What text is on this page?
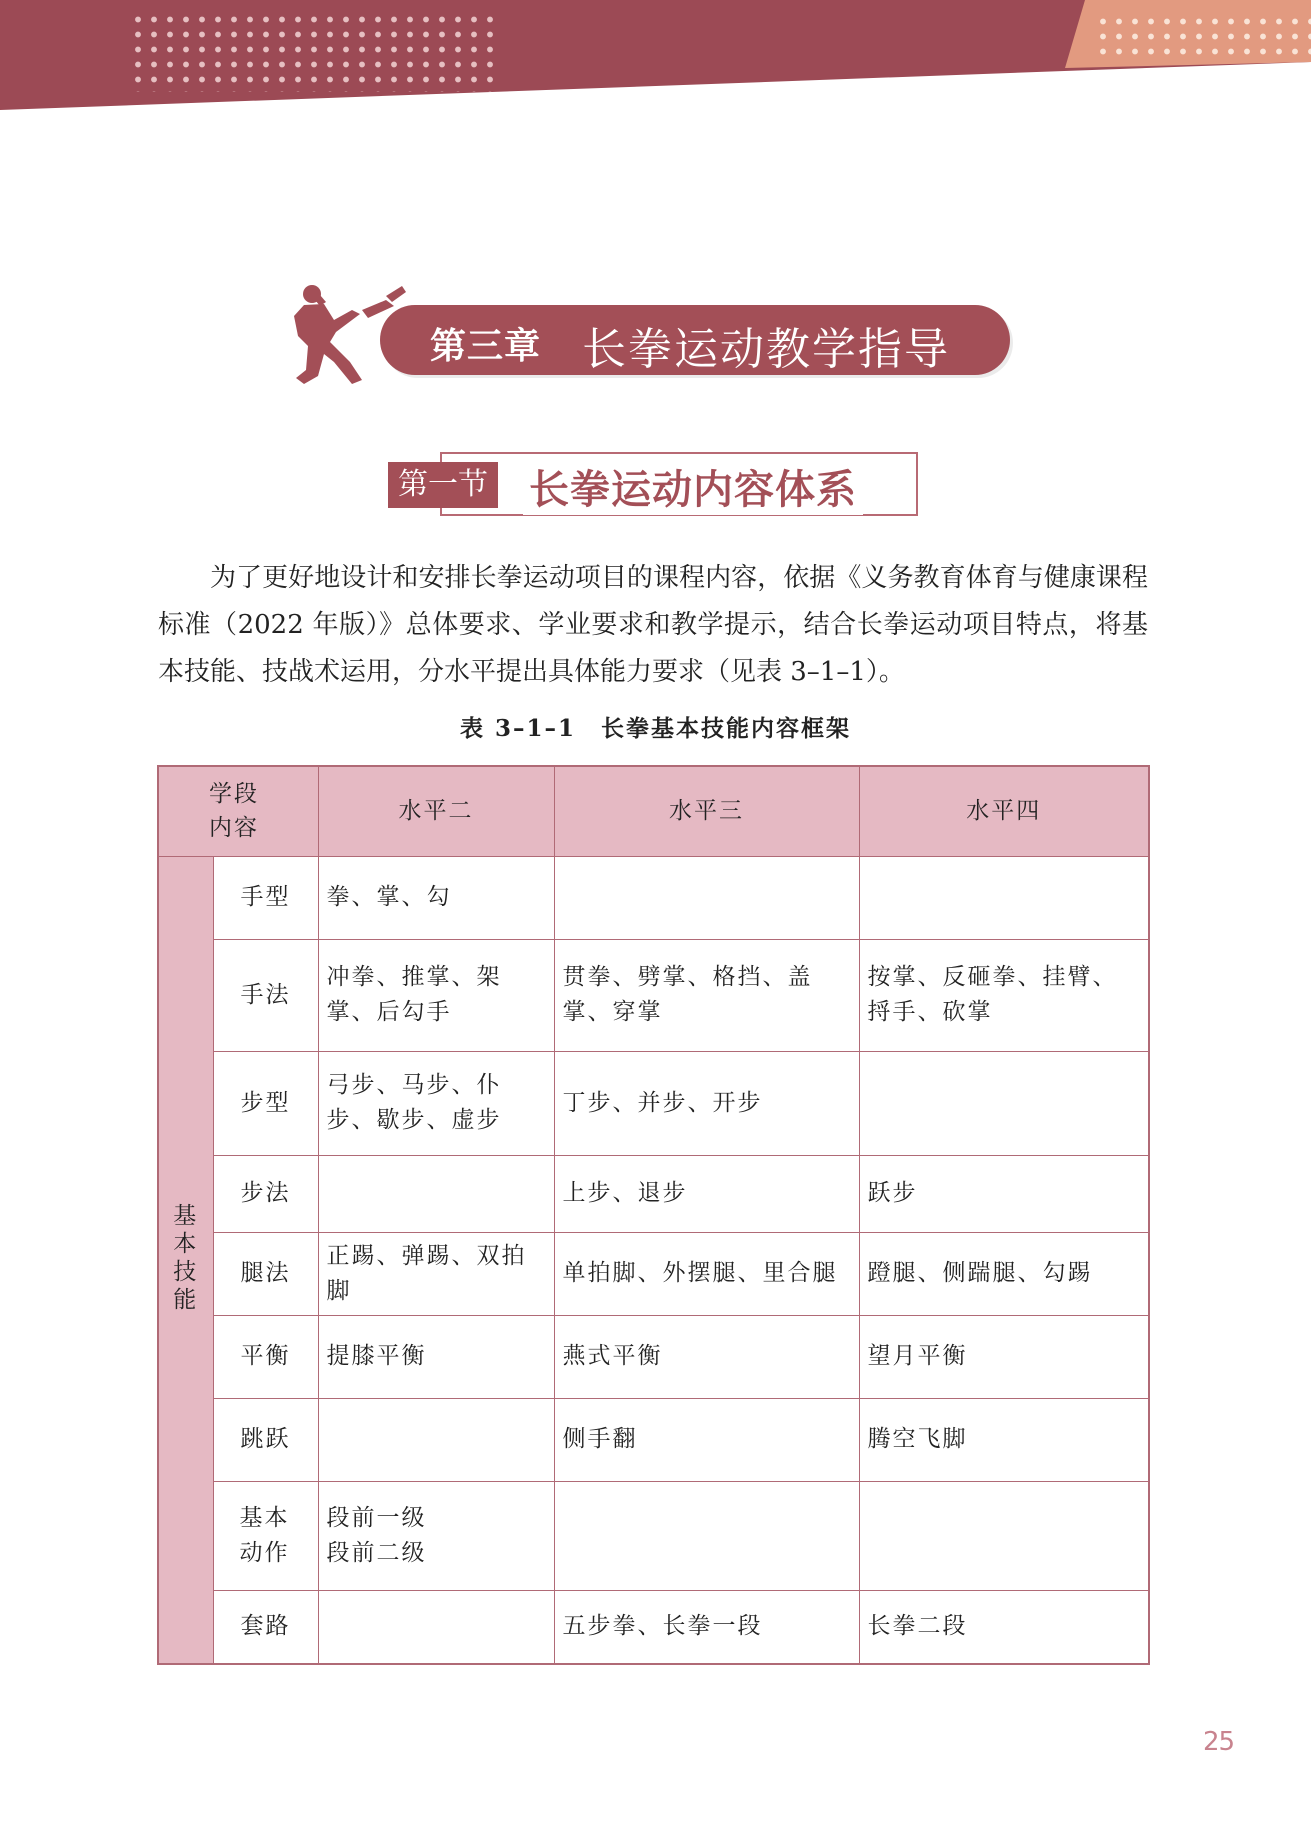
第三章 长拳运动教学指导
第一节 长拳运动内容体系

为了更好地设计和安排长拳运动项目的课程内容，依据《义务教育体育与健康课程标准（2022 年版）》总体要求、学业要求和教学提示，结合长拳运动项目特点，将基本技能、技战术运用，分水平提出具体能力要求（见表 3–1–1）。

表 3–1–1　长拳基本技能内容框架
学段
内容		水平二	水平三	水平四
基本技能	手型	拳、掌、勾		
	手法	冲拳、推掌、架掌、后勾手	贯拳、劈掌、格挡、盖掌、穿掌	按掌、反砸拳、挂臂、捋手、砍掌
	步型	弓步、马步、仆步、歇步、虚步	丁步、并步、开步	
	步法		上步、退步	跃步
	腿法	正踢、弹踢、双拍脚	单拍脚、外摆腿、里合腿	蹬腿、侧踹腿、勾踢
	平衡	提膝平衡	燕式平衡	望月平衡
	跳跃		侧手翻	腾空飞脚
	基本动作	段前一级
段前二级		

	套路		五步拳、长拳一段	长拳二段
25
